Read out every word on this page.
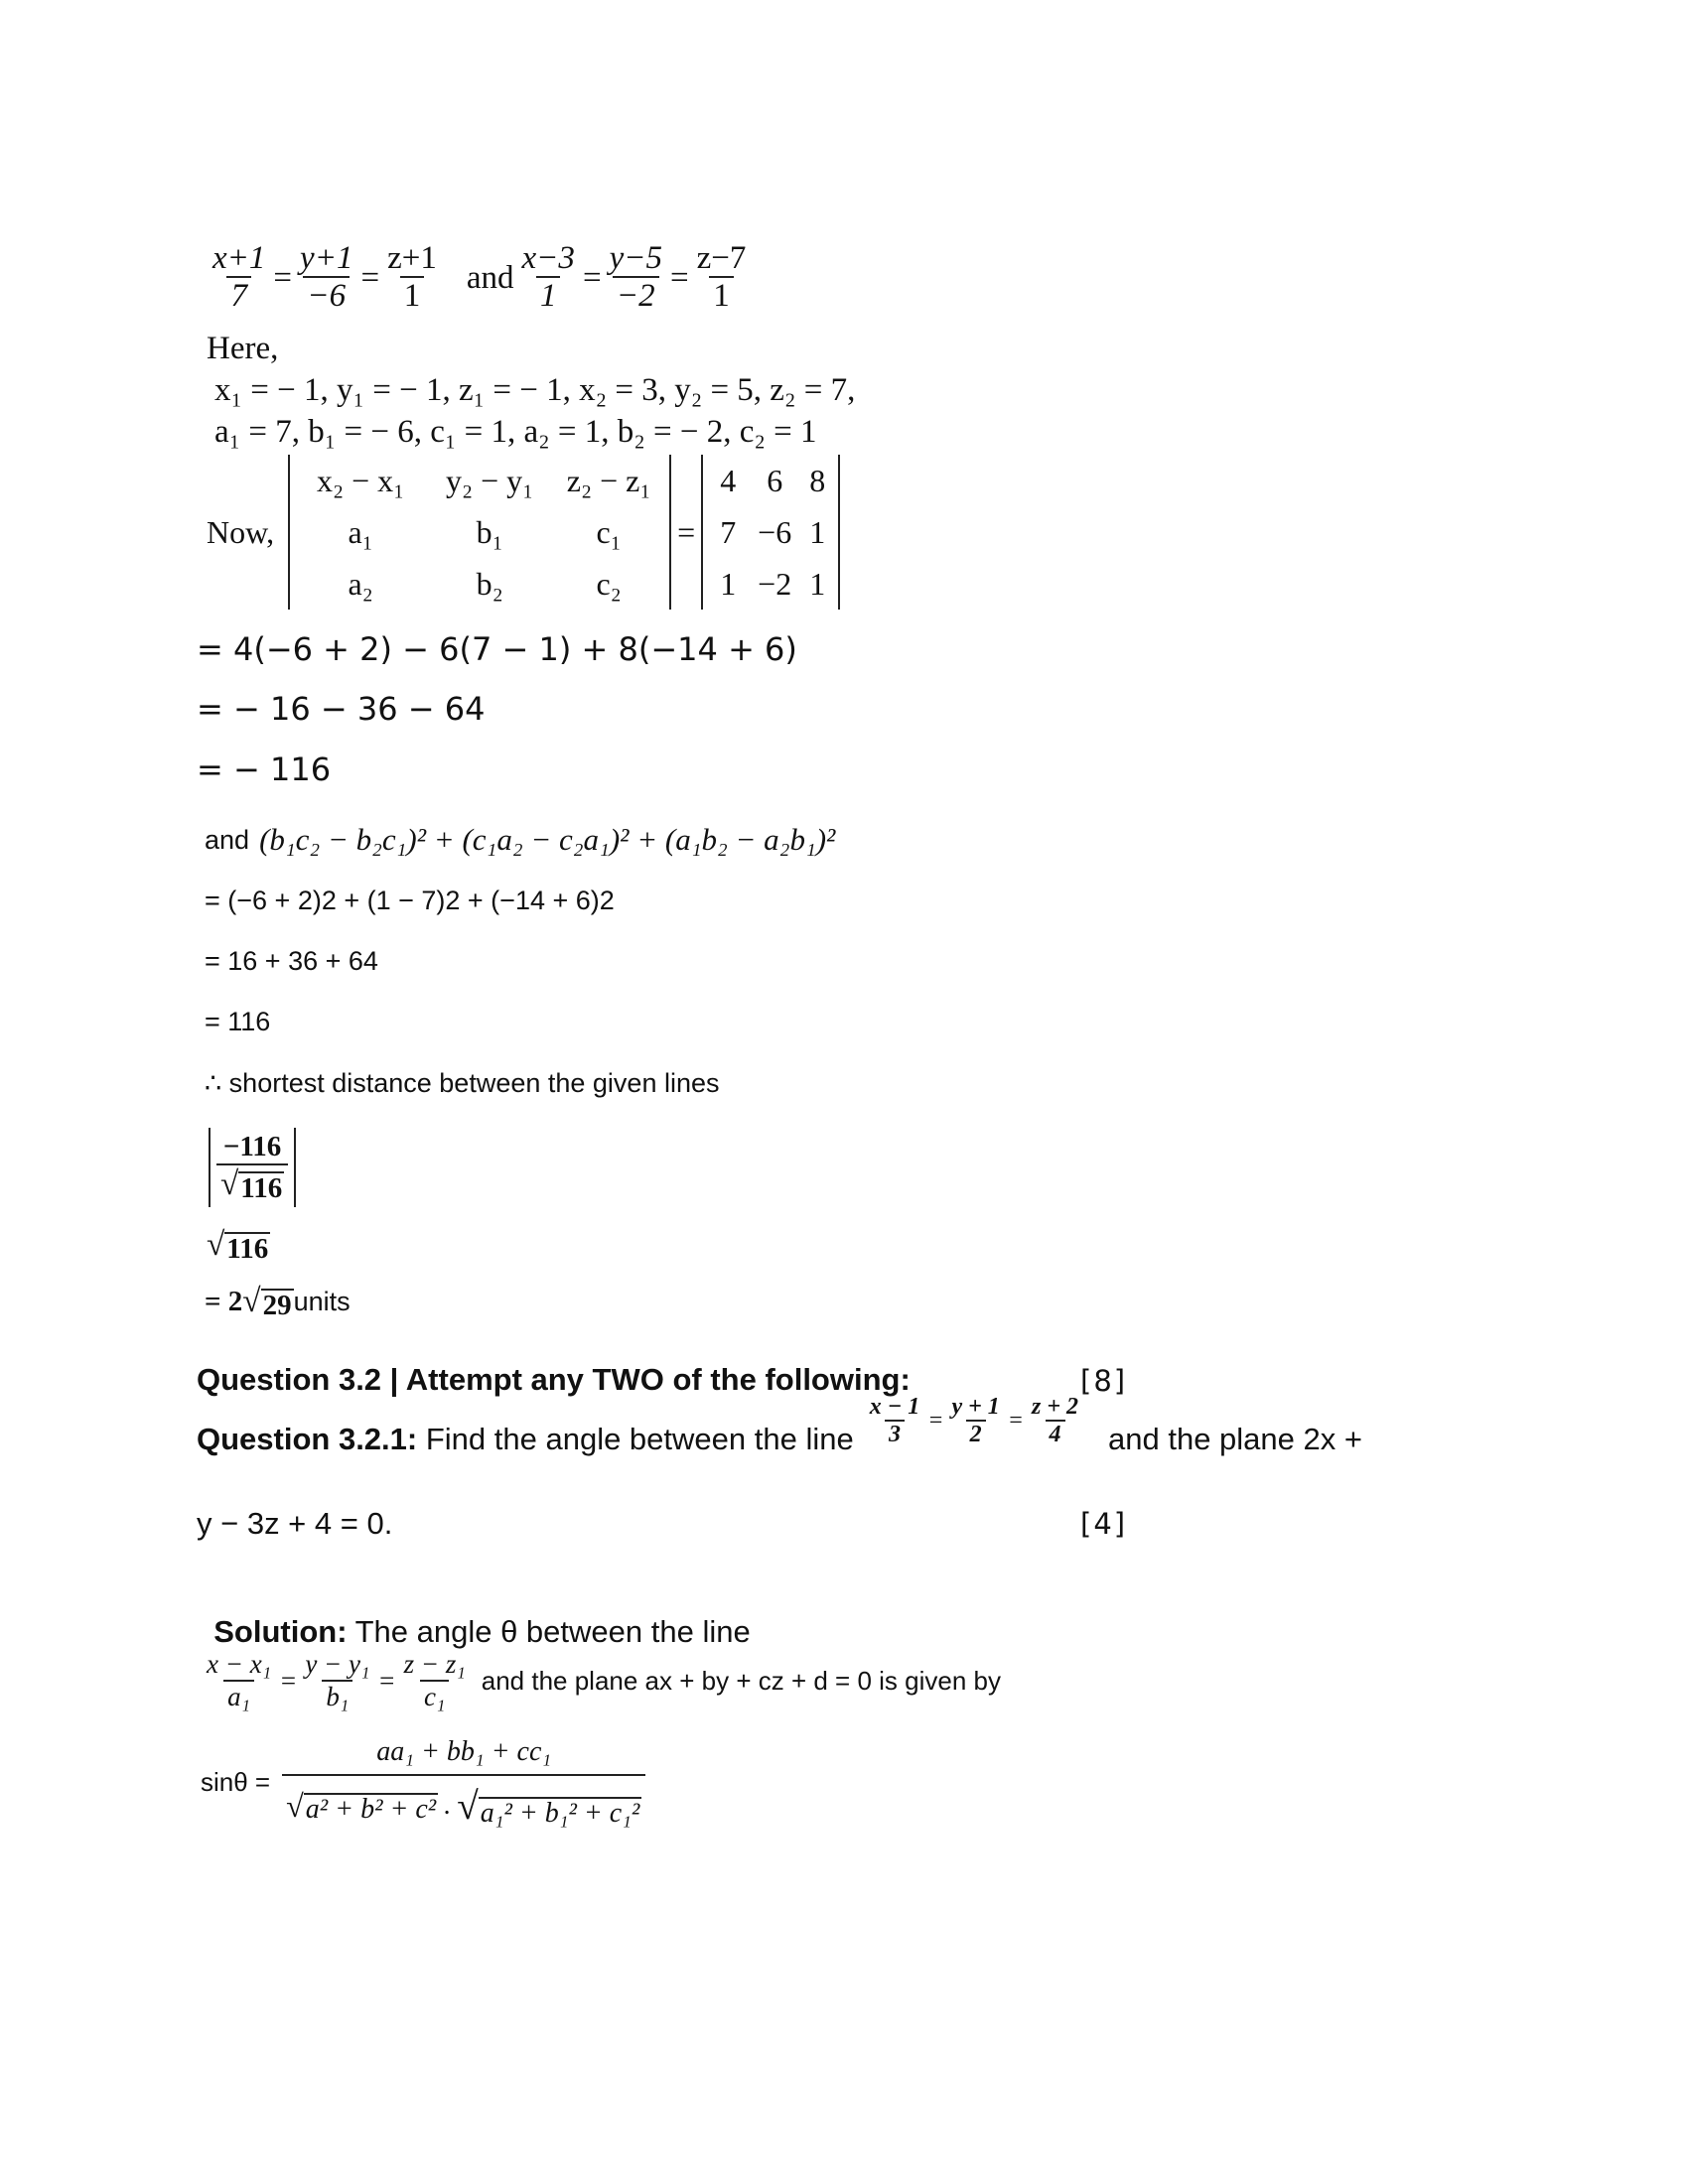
$\frac{x+1}{7} = \frac{y+1}{-6} = \frac{z+1}{1}$ and $\frac{x-3}{1} = \frac{y-5}{-2} = \frac{z-7}{1}$
Here,
x₁ = − 1, y₁ = − 1, z₁ = − 1, x₂ = 3, y₂ = 5, z₂ = 7,
a₁ = 7, b₁ = − 6, c₁ = 1, a₂ = 1, b₂ = − 2, c₂ = 1
Now,
x₂ − x₁	y₂ − y₁	z₂ − z₁
a₁	b₁	c₁
a₂	b₂	c₂
=
4 6 8
7 −6 1
1 −2 1
= 4(−6 + 2) − 6(7 − 1) + 8(−14 + 6)
= − 16 − 36 − 64
= − 116
and (b₁c₂ − b₂c₁)² + (c₁a₂ − c₂a₁)² + (a₁b₂ − a₂b₁)²
= (−6 + 2)2 + (1 − 7)2 + (−14 + 6)2
= 16 + 36 + 64
= 116
∴ shortest distance between the given lines
$\frac{-116}{√ 116}$
√ 116
= 2 √ 29 units
Question 3.2 | Attempt any TWO of the following:	[8]
Question 3.2.1: Find the angle between the line $\frac{x - 1}{3} = \frac{y + 1}{2} = \frac{z + 2}{4}$ and the plane 2x +
y − 3z + 4 = 0.	[4]

Solution: The angle θ between the line

$\frac{\text{x − x₁}}{\text{a₁}} = \frac{\text{y − y₁}}{\text{b₁}} = \frac{\text{z − z₁}}{\text{c₁}}$ and the plane ax + by + cz + d = 0 is given by
$\sin\theta = \frac{\text{aa₁ + bb₁ + cc₁}}{\text{√ a² + b² + c² . √ a₁² + b₁² + c₁²}}$
